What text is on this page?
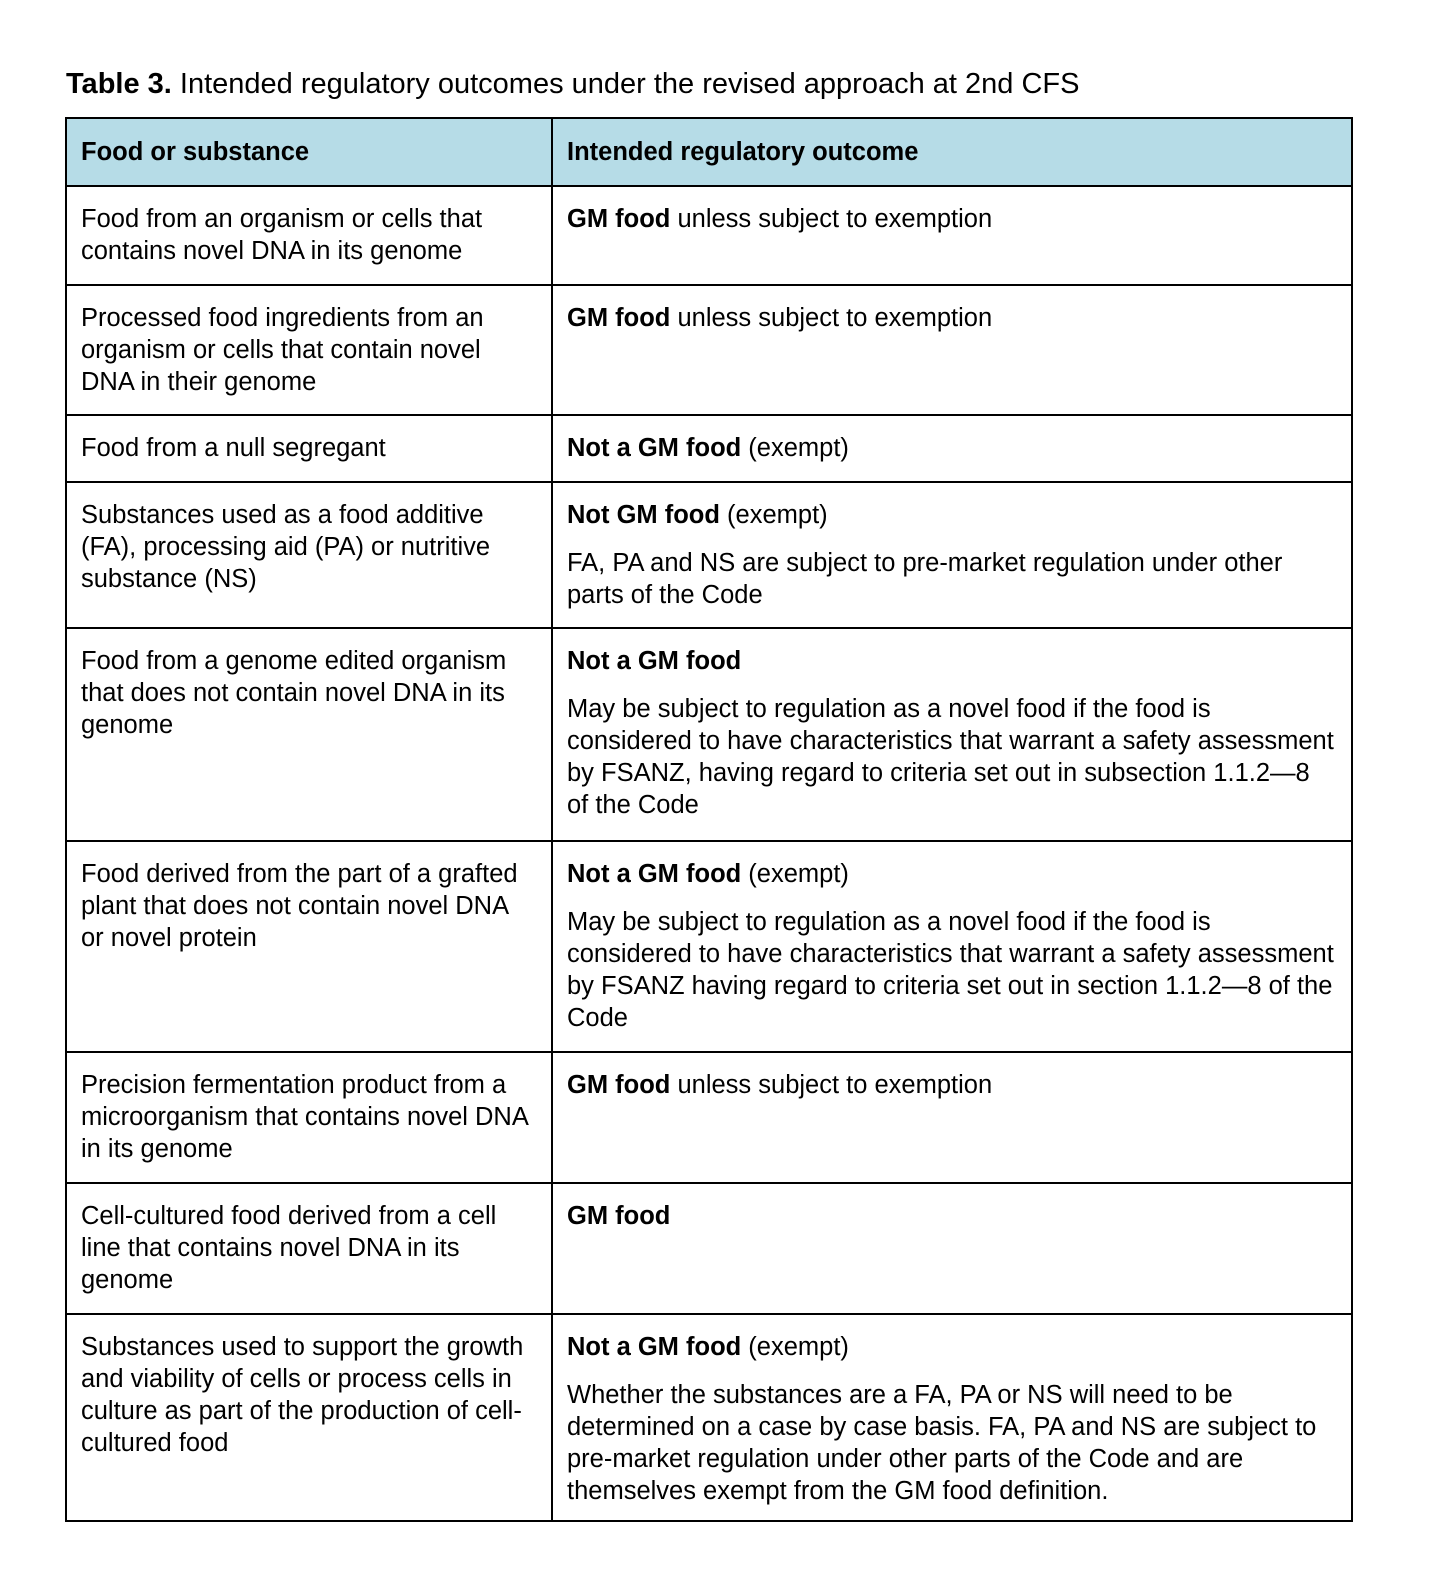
Table 3. Intended regulatory outcomes under the revised approach at 2nd CFS
Food or substance	Intended regulatory outcome
Food from an organism or cells that contains novel DNA in its genome	GM food unless subject to exemption

Processed food ingredients from an organism or cells that contain novel DNA in their genome	GM food unless subject to exemption

Food from a null segregant	Not a GM food (exempt)

Substances used as a food additive (FA), processing aid (PA) or nutritive substance (NS)	Not GM food (exempt)

FA, PA and NS are subject to pre-market regulation under other parts of the Code

Food from a genome edited organism that does not contain novel DNA in its genome	Not a GM food

May be subject to regulation as a novel food if the food is considered to have characteristics that warrant a safety assessment by FSANZ, having regard to criteria set out in subsection 1.1.2—8 of the Code

Food derived from the part of a grafted plant that does not contain novel DNA or novel protein	Not a GM food (exempt)

May be subject to regulation as a novel food if the food is considered to have characteristics that warrant a safety assessment by FSANZ having regard to criteria set out in section 1.1.2—8 of the Code

Precision fermentation product from a microorganism that contains novel DNA in its genome	GM food unless subject to exemption

Cell-cultured food derived from a cell line that contains novel DNA in its genome	GM food

Substances used to support the growth and viability of cells or process cells in culture as part of the production of cell-cultured food	Not a GM food (exempt)

Whether the substances are a FA, PA or NS will need to be determined on a case by case basis. FA, PA and NS are subject to pre-market regulation under other parts of the Code and are themselves exempt from the GM food definition.
